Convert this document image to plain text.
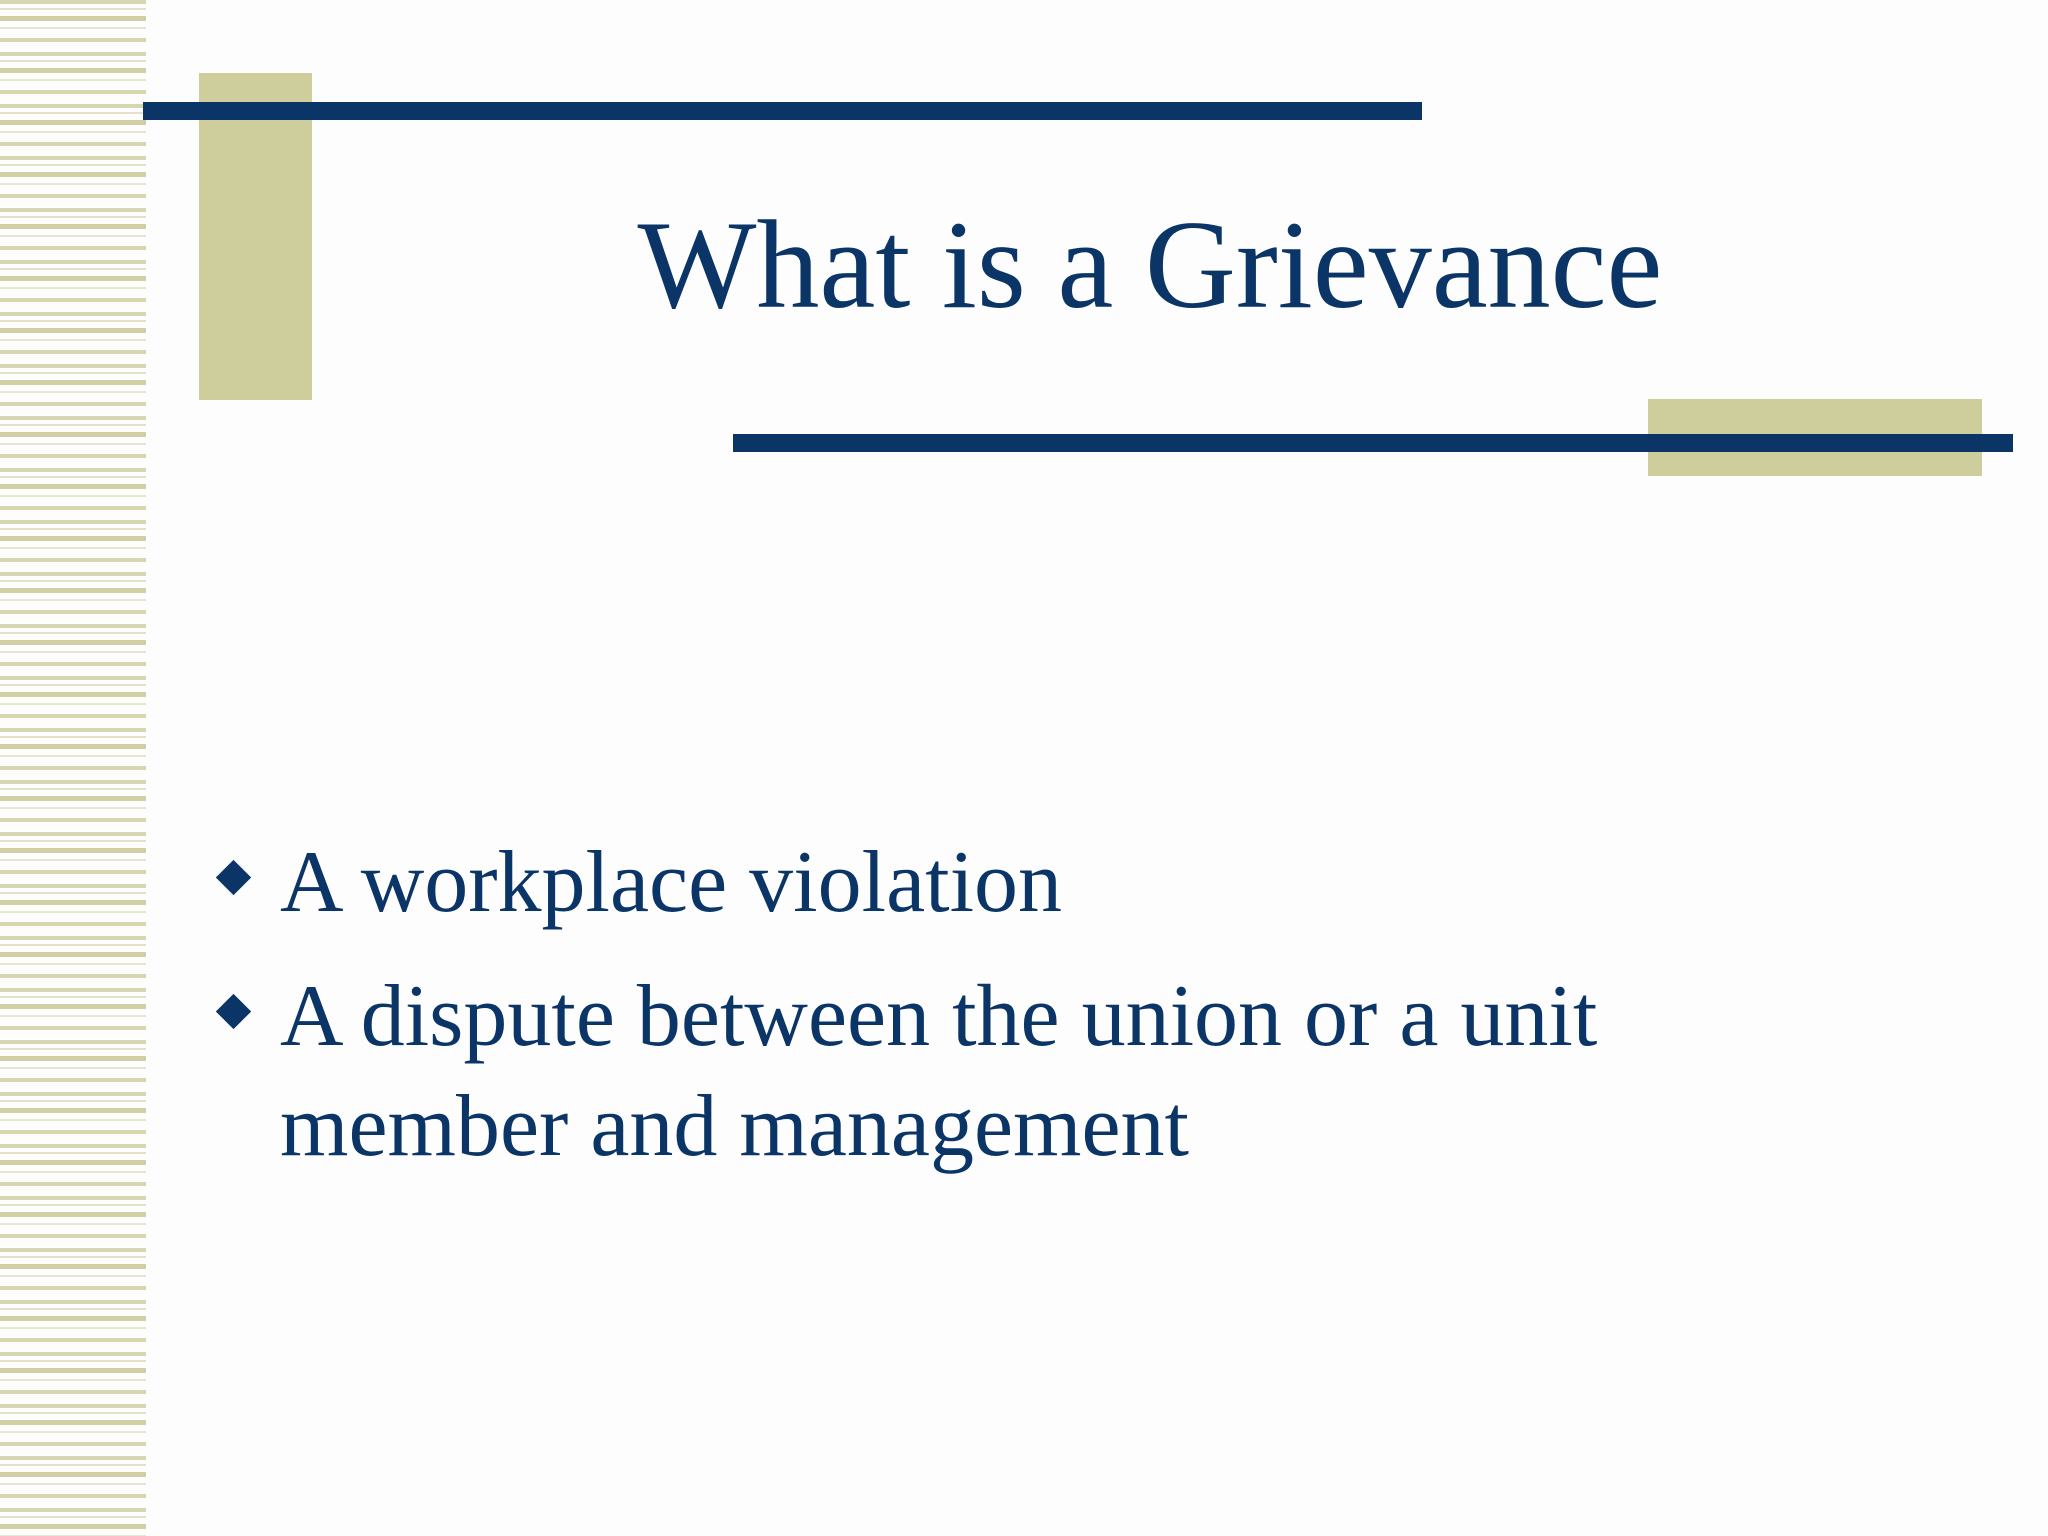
What is a Grievance
A workplace violation
A dispute between the union or a unit member and management
